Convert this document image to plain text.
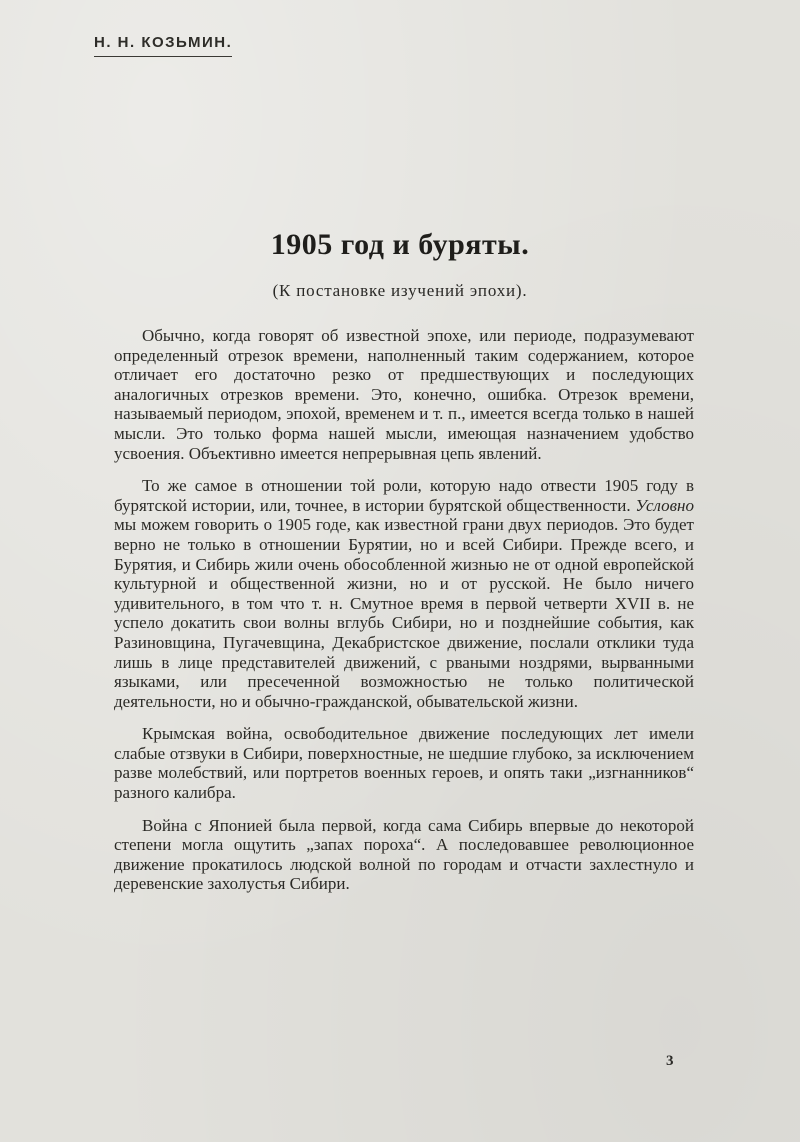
Н. Н. КОЗЬМИН.
1905 год и буряты.
(К постановке изучений эпохи).

Обычно, когда говорят об известной эпохе, или периоде, подразумевают определенный отрезок времени, наполненный таким содержанием, которое отличает его достаточно резко от предшествующих и последующих аналогичных отрезков времени. Это, конечно, ошибка. Отрезок времени, называемый периодом, эпохой, временем и т. п., имеется всегда только в нашей мысли. Это только форма нашей мысли, имеющая назначением удобство усвоения. Объективно имеется непрерывная цепь явлений.

То же самое в отношении той роли, которую надо отвести 1905 году в бурятской истории, или, точнее, в истории бурятской общественности. Условно мы можем говорить о 1905 годе, как известной грани двух периодов. Это будет верно не только в отношении Бурятии, но и всей Сибири. Прежде всего, и Бурятия, и Сибирь жили очень обособленной жизнью не от одной европейской культурной и общественной жизни, но и от русской. Не было ничего удивительного, в том что т. н. Смутное время в первой четверти XVII в. не успело докатить свои волны вглубь Сибири, но и позднейшие события, как Разиновщина, Пугачевщина, Декабристское движение, послали отклики туда лишь в лице представителей движений, с рваными ноздрями, вырванными языками, или пресеченной возможностью не только политической деятельности, но и обычно-гражданской, обывательской жизни.

Крымская война, освободительное движение последующих лет имели слабые отзвуки в Сибири, поверхностные, не шедшие глубоко, за исключением разве молебствий, или портретов военных героев, и опять таки „изгнанников“ разного калибра.

Война с Японией была первой, когда сама Сибирь впервые до некоторой степени могла ощутить „запах пороха“. А последовавшее революционное движение прокатилось людской волной по городам и отчасти захлестнуло и деревенские захолустья Сибири.

3
